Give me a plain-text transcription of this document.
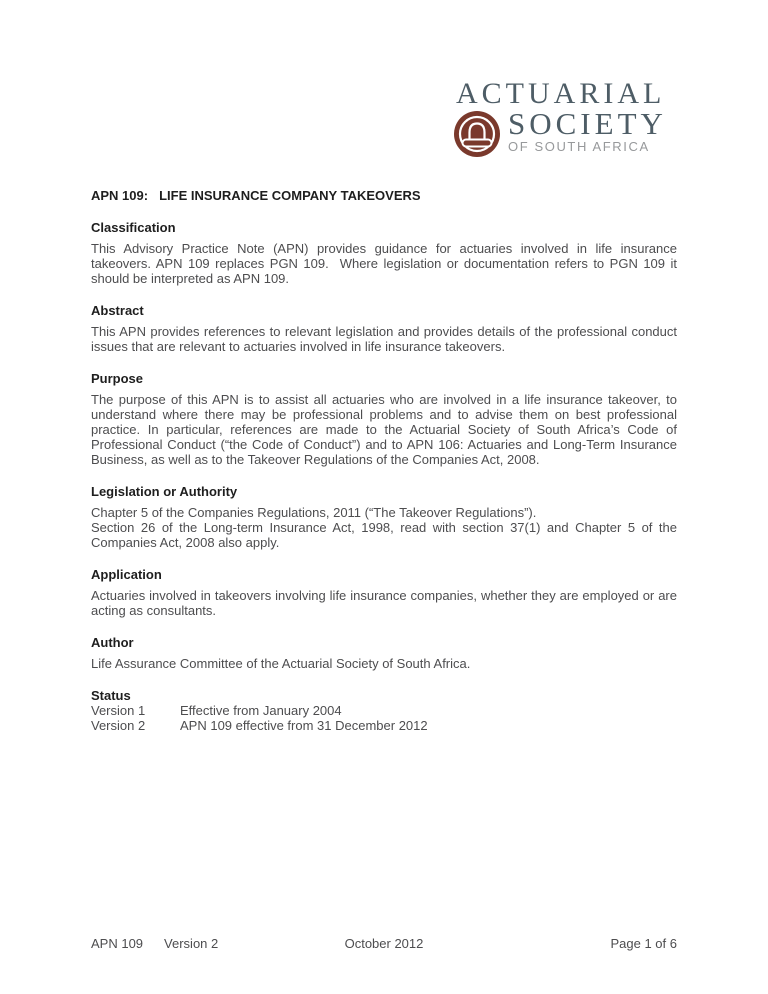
ACTUARIAL
SOCIETY
OF SOUTH AFRICA
APN 109: LIFE INSURANCE COMPANY TAKEOVERS
Classification

This Advisory Practice Note (APN) provides guidance for actuaries involved in life insurance takeovers. APN 109 replaces PGN 109.  Where legislation or documentation refers to PGN 109 it should be interpreted as APN 109.

Abstract

This APN provides references to relevant legislation and provides details of the professional conduct issues that are relevant to actuaries involved in life insurance takeovers.

Purpose

The purpose of this APN is to assist all actuaries who are involved in a life insurance takeover, to understand where there may be professional problems and to advise them on best professional practice. In particular, references are made to the Actuarial Society of South Africa’s Code of Professional Conduct (“the Code of Conduct”) and to APN 106: Actuaries and Long-Term Insurance Business, as well as to the Takeover Regulations of the Companies Act, 2008.

Legislation or Authority

Chapter 5 of the Companies Regulations, 2011 (“The Takeover Regulations”).

Section 26 of the Long-term Insurance Act, 1998, read with section 37(1) and Chapter 5 of the Companies Act, 2008 also apply.

Application

Actuaries involved in takeovers involving life insurance companies, whether they are employed or are acting as consultants.

Author

Life Assurance Committee of the Actuarial Society of South Africa.

Status
Version 1	Effective from January 2004
Version 2	APN 109 effective from 31 December 2012
APN 109 Version 2	October 2012	Page 1 of 6
